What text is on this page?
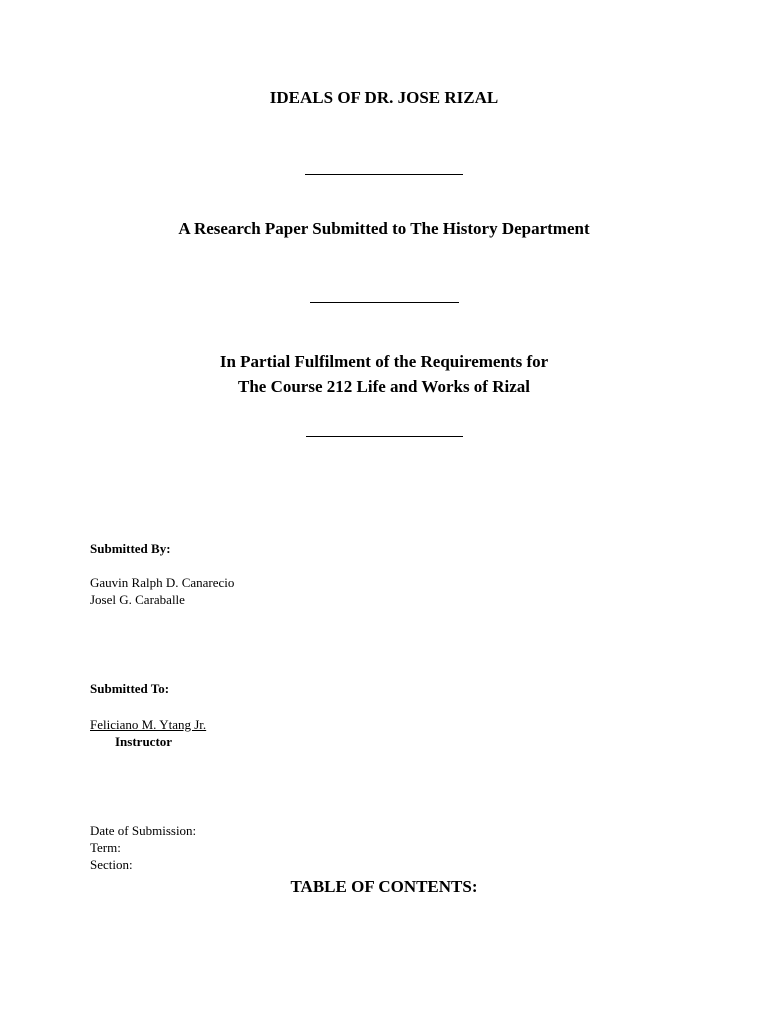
IDEALS OF DR. JOSE RIZAL
A Research Paper Submitted to The History Department
In Partial Fulfilment of the Requirements for
The Course 212 Life and Works of Rizal
Submitted By:
Gauvin Ralph D. Canarecio
Josel G. Caraballe
Submitted To:
Feliciano M. Ytang Jr.
Instructor
Date of Submission:
Term:
Section:
TABLE OF CONTENTS:
